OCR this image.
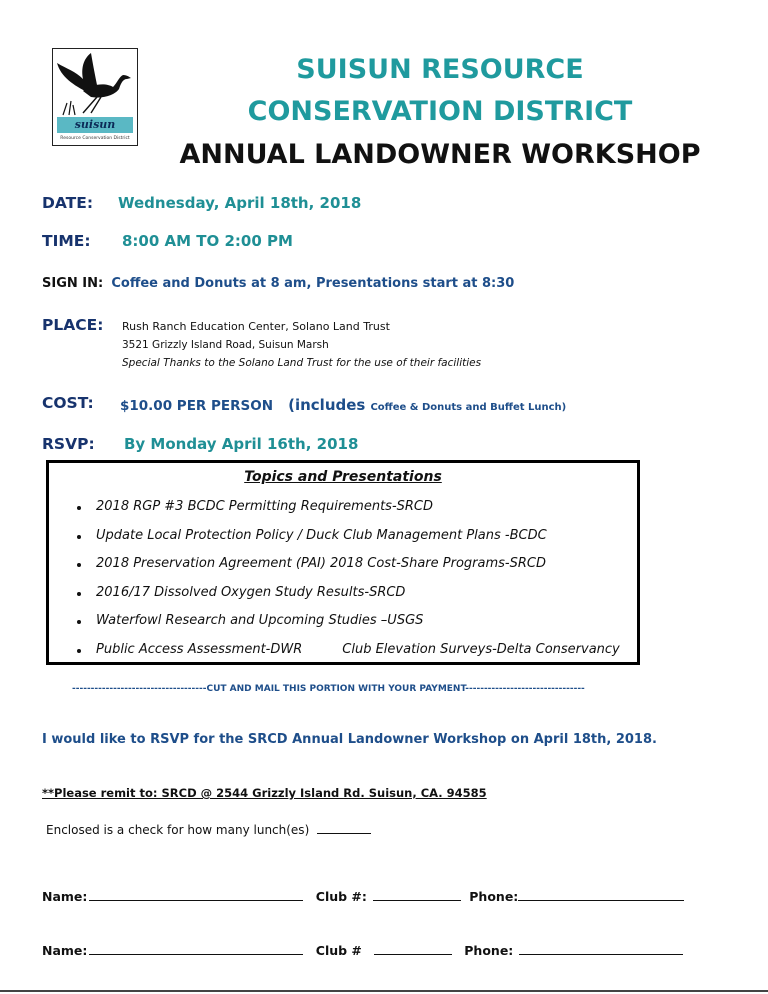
suisun
Resource Conservation District
SUISUN RESOURCE
CONSERVATION DISTRICT
ANNUAL LANDOWNER WORKSHOP
DATE: Wednesday, April 18th, 2018
TIME: 8:00 AM TO 2:00 PM
SIGN IN: Coffee and Donuts at 8 am, Presentations start at 8:30
PLACE: Rush Ranch Education Center, Solano Land Trust
3521 Grizzly Island Road, Suisun Marsh
Special Thanks to the Solano Land Trust for the use of their facilities
COST: $10.00 PER PERSON (includes Coffee & Donuts and Buffet Lunch)
RSVP: By Monday April 16th, 2018
Topics and Presentations
2018 RGP #3 BCDC Permitting Requirements-SRCD
Update Local Protection Policy / Duck Club Management Plans -BCDC
2018 Preservation Agreement (PAI) 2018 Cost-Share Programs-SRCD
2016/17 Dissolved Oxygen Study Results-SRCD
Waterfowl Research and Upcoming Studies –USGS
Public Access Assessment-DWR	Club Elevation Surveys-Delta Conservancy
------------------------------------CUT AND MAIL THIS PORTION WITH YOUR PAYMENT--------------------------------
I would like to RSVP for the SRCD Annual Landowner Workshop on April 18th, 2018.
**Please remit to: SRCD @ 2544 Grizzly Island Rd. Suisun, CA. 94585
Enclosed is a check for how many lunch(es)
Name:	Club #:	Phone:
Name:	Club #	Phone:
